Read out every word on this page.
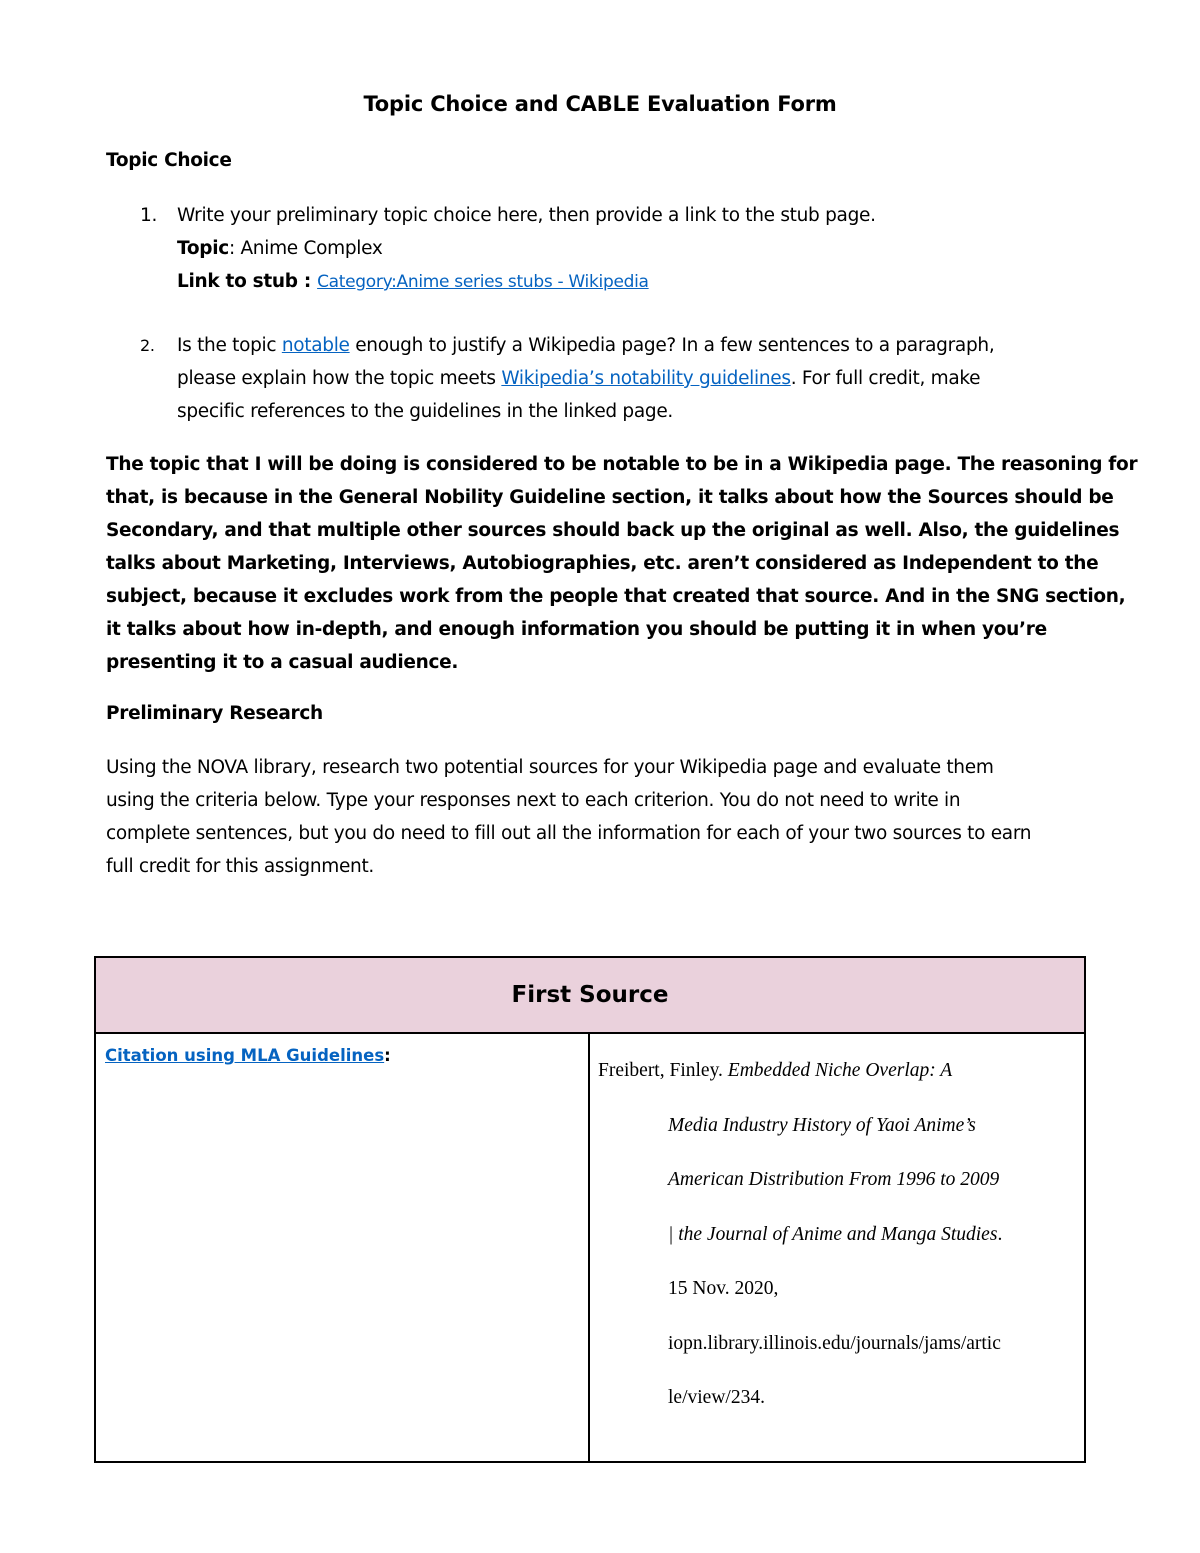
Topic Choice and CABLE Evaluation Form
Topic Choice
1. Write your preliminary topic choice here, then provide a link to the stub page.
Topic: Anime Complex
Link to stub : Category:Anime series stubs - Wikipedia
2. Is the topic notable enough to justify a Wikipedia page? In a few sentences to a paragraph,
please explain how the topic meets Wikipedia’s notability guidelines. For full credit, make
specific references to the guidelines in the linked page.
The topic that I will be doing is considered to be notable to be in a Wikipedia page. The reasoning for
that, is because in the General Nobility Guideline section, it talks about how the Sources should be
Secondary, and that multiple other sources should back up the original as well. Also, the guidelines
talks about Marketing, Interviews, Autobiographies, etc. aren’t considered as Independent to the
subject, because it excludes work from the people that created that source. And in the SNG section,
it talks about how in-depth, and enough information you should be putting it in when you’re
presenting it to a casual audience.
Preliminary Research
Using the NOVA library, research two potential sources for your Wikipedia page and evaluate them
using the criteria below. Type your responses next to each criterion. You do not need to write in
complete sentences, but you do need to fill out all the information for each of your two sources to earn
full credit for this assignment.
First Source
Citation using MLA Guidelines:	
Freibert, Finley. Embedded Niche Overlap: A
Media Industry History of Yaoi Anime’s
American Distribution From 1996 to 2009
| the Journal of Anime and Manga Studies.
15 Nov. 2020,
iopn.library.illinois.edu/journals/jams/artic
le/view/234.
